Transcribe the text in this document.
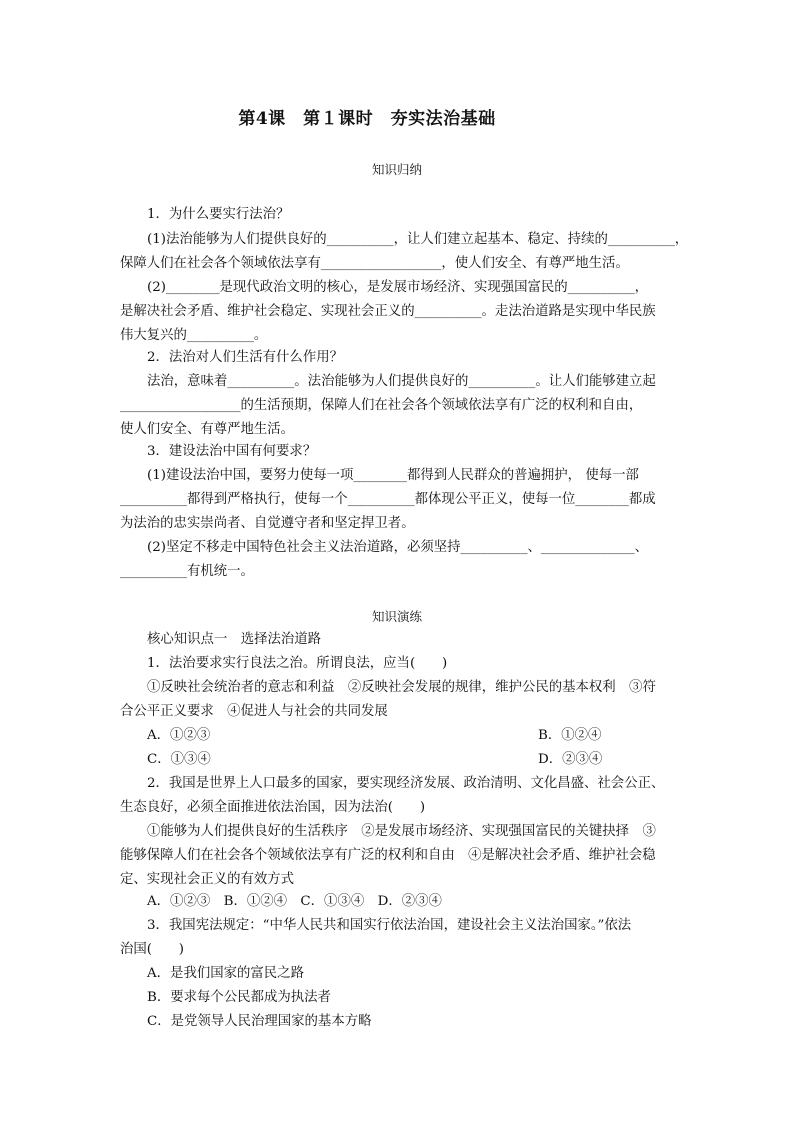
第4课　第１课时　夯实法治基础
知识归纳
1．为什么要实行法治？
(1)法治能够为人们提供良好的__________，让人们建立起基本、稳定、持续的__________，
保障人们在社会各个领域依法享有__________________，使人们安全、有尊严地生活。
(2)________是现代政治文明的核心，是发展市场经济、实现强国富民的__________，
是解决社会矛盾、维护社会稳定、实现社会正义的__________。走法治道路是实现中华民族
伟大复兴的__________。
2．法治对人们生活有什么作用？
法治，意味着__________。法治能够为人们提供良好的__________。让人们能够建立起
__________________的生活预期，保障人们在社会各个领域依法享有广泛的权利和自由，
使人们安全、有尊严地生活。
3．建设法治中国有何要求？
(1)建设法治中国，要努力使每一项________都得到人民群众的普遍拥护， 使每一部
__________都得到严格执行，使每一个__________都体现公平正义，使每一位________都成
为法治的忠实崇尚者、自觉遵守者和坚定捍卫者。
(2)坚定不移走中国特色社会主义法治道路，必须坚持__________、______________、
__________有机统一。
知识演练
核心知识点一　选择法治道路
1．法治要求实行良法之治。所谓良法，应当(　　)
①反映社会统治者的意志和利益　②反映社会发展的规律，维护公民的基本权利　③符
合公平正义要求　④促进人与社会的共同发展
A．①②③	B．①②④
C．①③④	D．②③④
2．我国是世界上人口最多的国家，要实现经济发展、政治清明、文化昌盛、社会公正、
生态良好，必须全面推进依法治国，因为法治(　　)
①能够为人们提供良好的生活秩序　②是发展市场经济、实现强国富民的关键抉择　③
能够保障人们在社会各个领域依法享有广泛的权利和自由　④是解决社会矛盾、维护社会稳
定、实现社会正义的有效方式
A．①②③　B．①②④　C．①③④　D．②③④
3．我国宪法规定：“中华人民共和国实行依法治国，建设社会主义法治国家。”依法
治国(　　)
A．是我们国家的富民之路
B．要求每个公民都成为执法者
C．是党领导人民治理国家的基本方略
